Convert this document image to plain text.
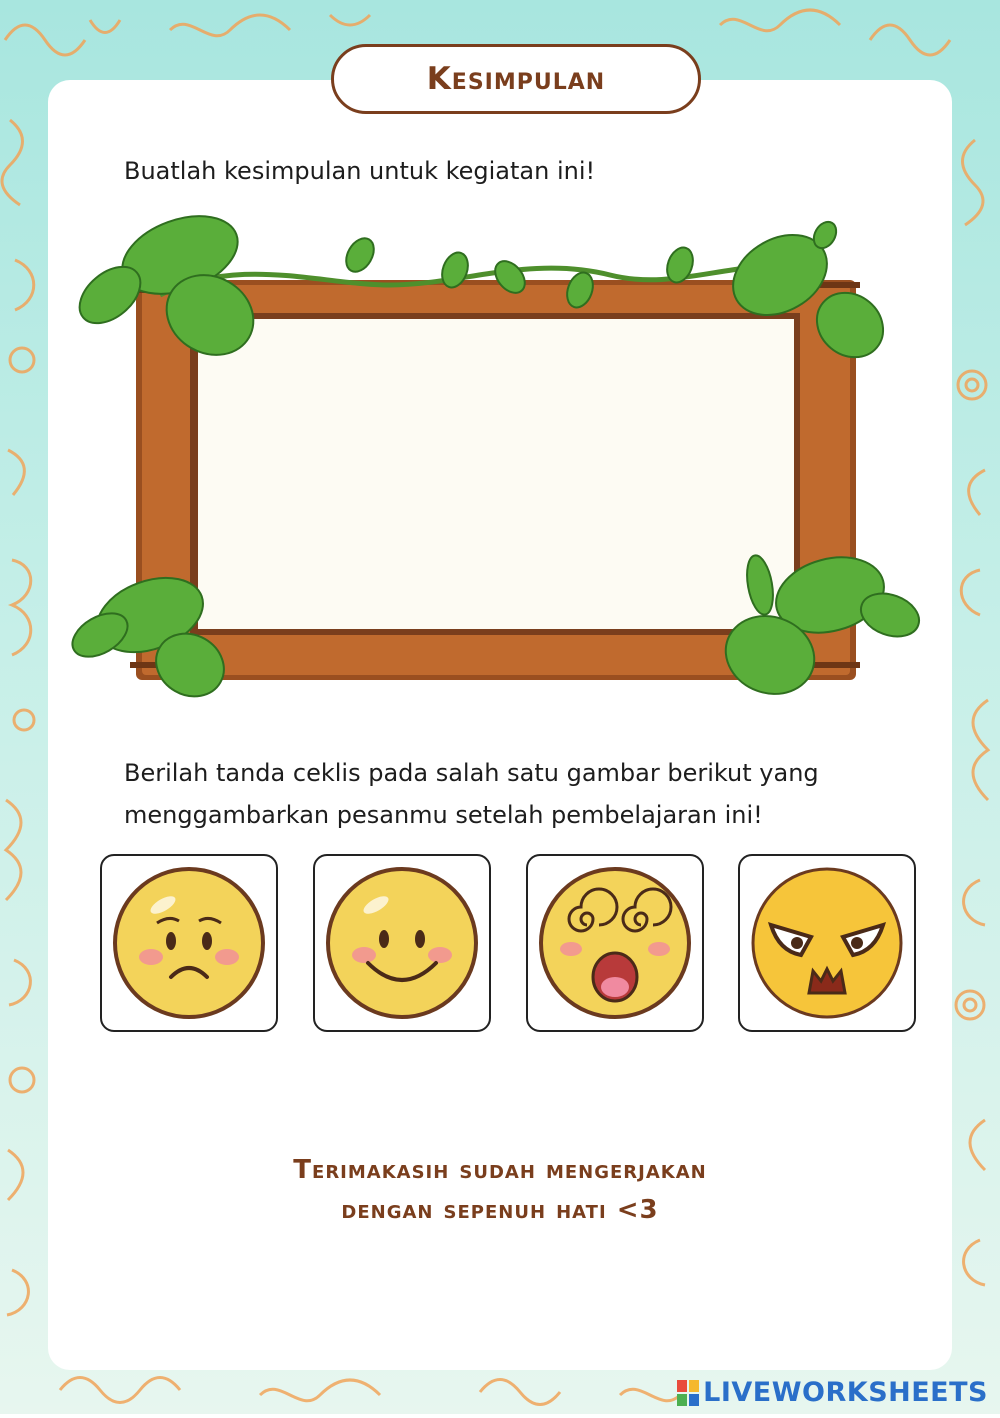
Kesimpulan
Buatlah kesimpulan untuk kegiatan ini!
Berilah tanda ceklis pada salah satu gambar berikut yang
menggambarkan pesanmu setelah pembelajaran ini!
Terimakasih sudah mengerjakan
dengan sepenuh hati <3
LIVEWORKSHEETS
